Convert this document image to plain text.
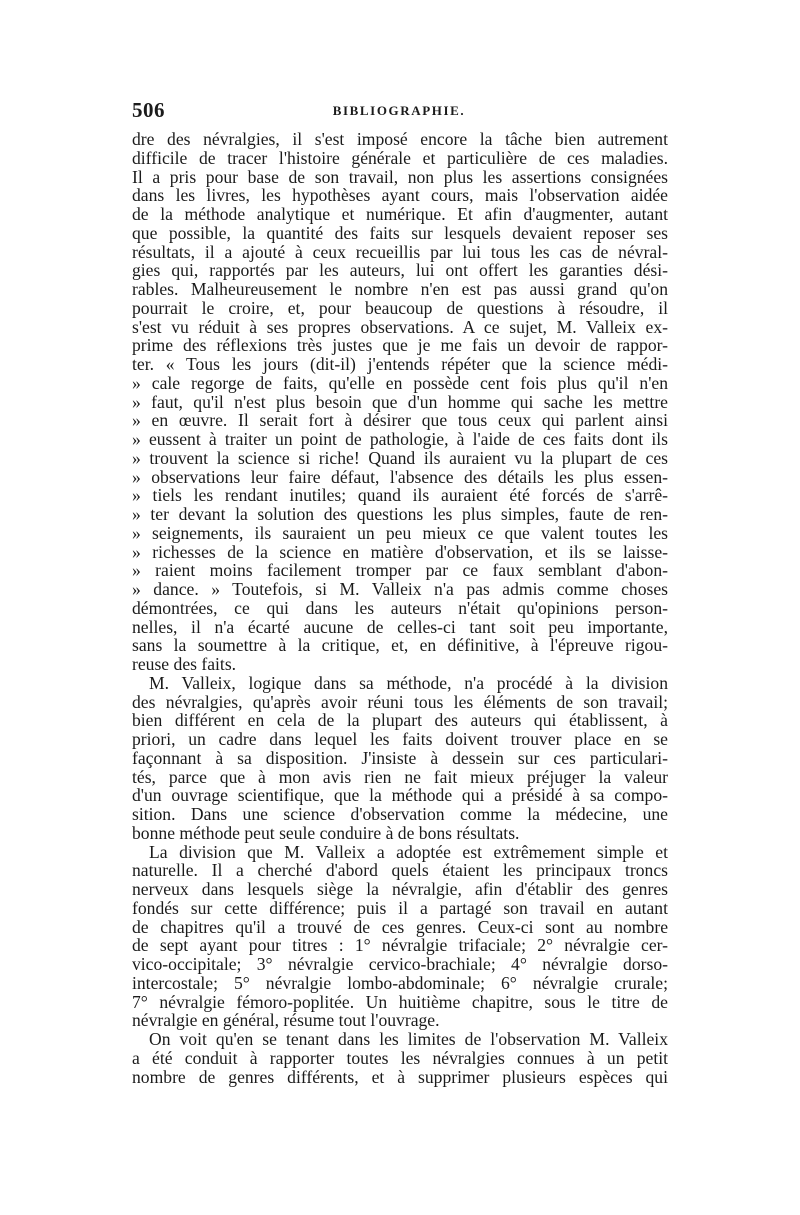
506	BIBLIOGRAPHIE.
dre des névralgies, il s'est imposé encore la tâche bien autrement
difficile de tracer l'histoire générale et particulière de ces maladies.
Il a pris pour base de son travail, non plus les assertions consignées
dans les livres, les hypothèses ayant cours, mais l'observation aidée
de la méthode analytique et numérique. Et afin d'augmenter, autant
que possible, la quantité des faits sur lesquels devaient reposer ses
résultats, il a ajouté à ceux recueillis par lui tous les cas de névral-
gies qui, rapportés par les auteurs, lui ont offert les garanties dési-
rables. Malheureusement le nombre n'en est pas aussi grand qu'on
pourrait le croire, et, pour beaucoup de questions à résoudre, il
s'est vu réduit à ses propres observations. A ce sujet, M. Valleix ex-
prime des réflexions très justes que je me fais un devoir de rappor-
ter. « Tous les jours (dit-il) j'entends répéter que la science médi-
» cale regorge de faits, qu'elle en possède cent fois plus qu'il n'en
» faut, qu'il n'est plus besoin que d'un homme qui sache les mettre
» en œuvre. Il serait fort à désirer que tous ceux qui parlent ainsi
» eussent à traiter un point de pathologie, à l'aide de ces faits dont ils
» trouvent la science si riche! Quand ils auraient vu la plupart de ces
» observations leur faire défaut, l'absence des détails les plus essen-
» tiels les rendant inutiles; quand ils auraient été forcés de s'arrê-
» ter devant la solution des questions les plus simples, faute de ren-
» seignements, ils sauraient un peu mieux ce que valent toutes les
» richesses de la science en matière d'observation, et ils se laisse-
» raient moins facilement tromper par ce faux semblant d'abon-
» dance. » Toutefois, si M. Valleix n'a pas admis comme choses
démontrées, ce qui dans les auteurs n'était qu'opinions person-
nelles, il n'a écarté aucune de celles-ci tant soit peu importante,
sans la soumettre à la critique, et, en définitive, à l'épreuve rigou-
reuse des faits.
M. Valleix, logique dans sa méthode, n'a procédé à la division
des névralgies, qu'après avoir réuni tous les éléments de son travail;
bien différent en cela de la plupart des auteurs qui établissent, à
priori, un cadre dans lequel les faits doivent trouver place en se
façonnant à sa disposition. J'insiste à dessein sur ces particulari-
tés, parce que à mon avis rien ne fait mieux préjuger la valeur
d'un ouvrage scientifique, que la méthode qui a présidé à sa compo-
sition. Dans une science d'observation comme la médecine, une
bonne méthode peut seule conduire à de bons résultats.
La division que M. Valleix a adoptée est extrêmement simple et
naturelle. Il a cherché d'abord quels étaient les principaux troncs
nerveux dans lesquels siège la névralgie, afin d'établir des genres
fondés sur cette différence; puis il a partagé son travail en autant
de chapitres qu'il a trouvé de ces genres. Ceux-ci sont au nombre
de sept ayant pour titres : 1° névralgie trifaciale; 2° névralgie cer-
vico-occipitale; 3° névralgie cervico-brachiale; 4° névralgie dorso-
intercostale; 5° névralgie lombo-abdominale; 6° névralgie crurale;
7° névralgie fémoro-poplitée. Un huitième chapitre, sous le titre de
névralgie en général, résume tout l'ouvrage.
On voit qu'en se tenant dans les limites de l'observation M. Valleix
a été conduit à rapporter toutes les névralgies connues à un petit
nombre de genres différents, et à supprimer plusieurs espèces qui
